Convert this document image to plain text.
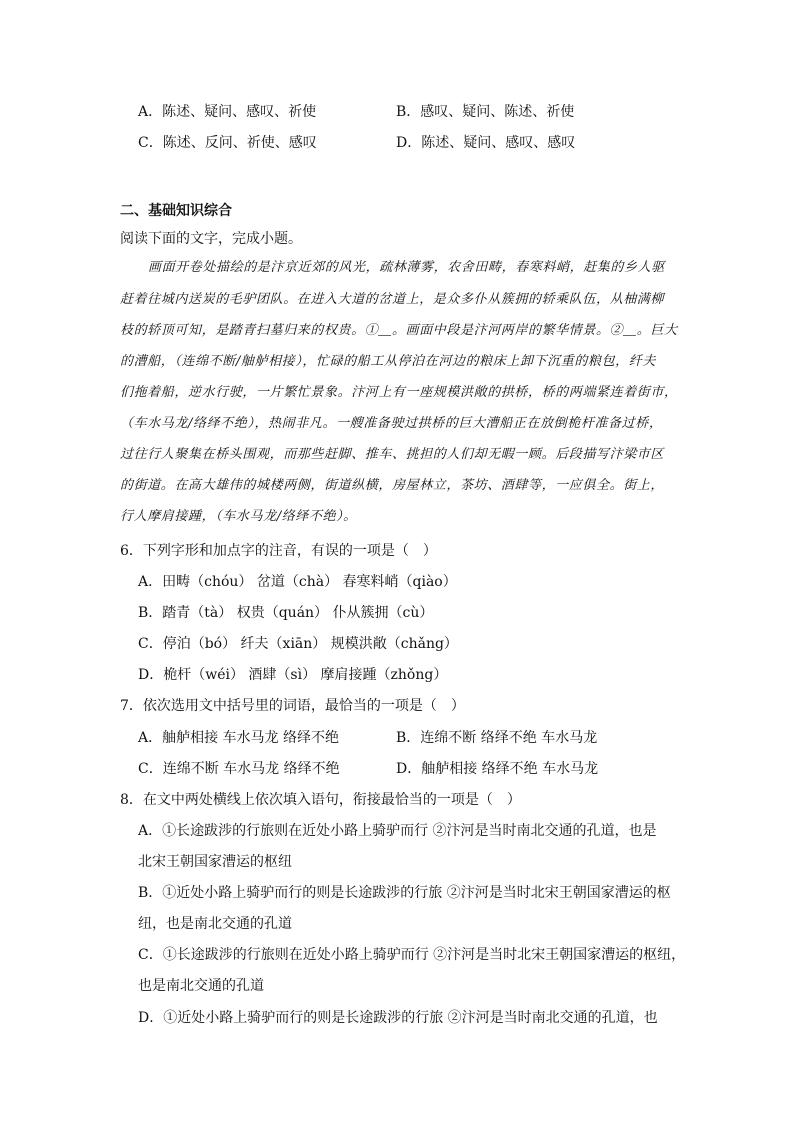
A．陈述、疑问、感叹、祈使	B．感叹、疑问、陈述、祈使
C．陈述、反问、祈使、感叹	D．陈述、疑问、感叹、感叹
二、基础知识综合
阅读下面的文字，完成小题。
画面开卷处描绘的是汴京近郊的风光，疏林薄雾，农舍田畴，春寒料峭，赶集的乡人驱
赶着往城内送炭的毛驴团队。在进入大道的岔道上，是众多仆从簇拥的轿乘队伍，从柚满柳
枝的轿顶可知，是踏青扫墓归来的权贵。①＿。画面中段是汴河两岸的繁华情景。②＿。巨大
的漕船，（连绵不断/舳舻相接），忙碌的船工从停泊在河边的粮床上卸下沉重的粮包，纤夫
们拖着船，逆水行驶，一片繁忙景象。汴河上有一座规模洪敞的拱桥，桥的两端紧连着街市，
（车水马龙/络绎不绝），热闹非凡。一艘准备驶过拱桥的巨大漕船正在放倒桅杆准备过桥，
过往行人聚集在桥头围观，而那些赶脚、推车、挑担的人们却无暇一顾。后段描写汴梁市区
的街道。在高大雄伟的城楼两侧，街道纵横，房屋林立，茶坊、酒肆等，一应俱全。街上，
行人摩肩接踵，（车水马龙/络绎不绝）。
6．下列字形和加点字的注音，有误的一项是（　）
A．田畴（chóu） 岔道（chà） 春寒料峭（qiào）
B．踏青（tà） 权贵（quán） 仆从簇拥（cù）
C．停泊（bó） 纤夫（xiān） 规模洪敞（chǎng）
D．桅杆（wéi） 酒肆（sì） 摩肩接踵（zhǒng）
7．依次选用文中括号里的词语，最恰当的一项是（　）
A．舳舻相接 车水马龙 络绎不绝	B．连绵不断 络绎不绝 车水马龙
C．连绵不断 车水马龙 络绎不绝	D．舳舻相接 络绎不绝 车水马龙
8．在文中两处横线上依次填入语句，衔接最恰当的一项是（　）
A．①长途跋涉的行旅则在近处小路上骑驴而行 ②汴河是当时南北交通的孔道，也是
北宋王朝国家漕运的枢纽
B．①近处小路上骑驴而行的则是长途跋涉的行旅 ②汴河是当时北宋王朝国家漕运的枢
纽，也是南北交通的孔道
C．①长途跋涉的行旅则在近处小路上骑驴而行 ②汴河是当时北宋王朝国家漕运的枢纽，
也是南北交通的孔道
D．①近处小路上骑驴而行的则是长途跋涉的行旅 ②汴河是当时南北交通的孔道，也
